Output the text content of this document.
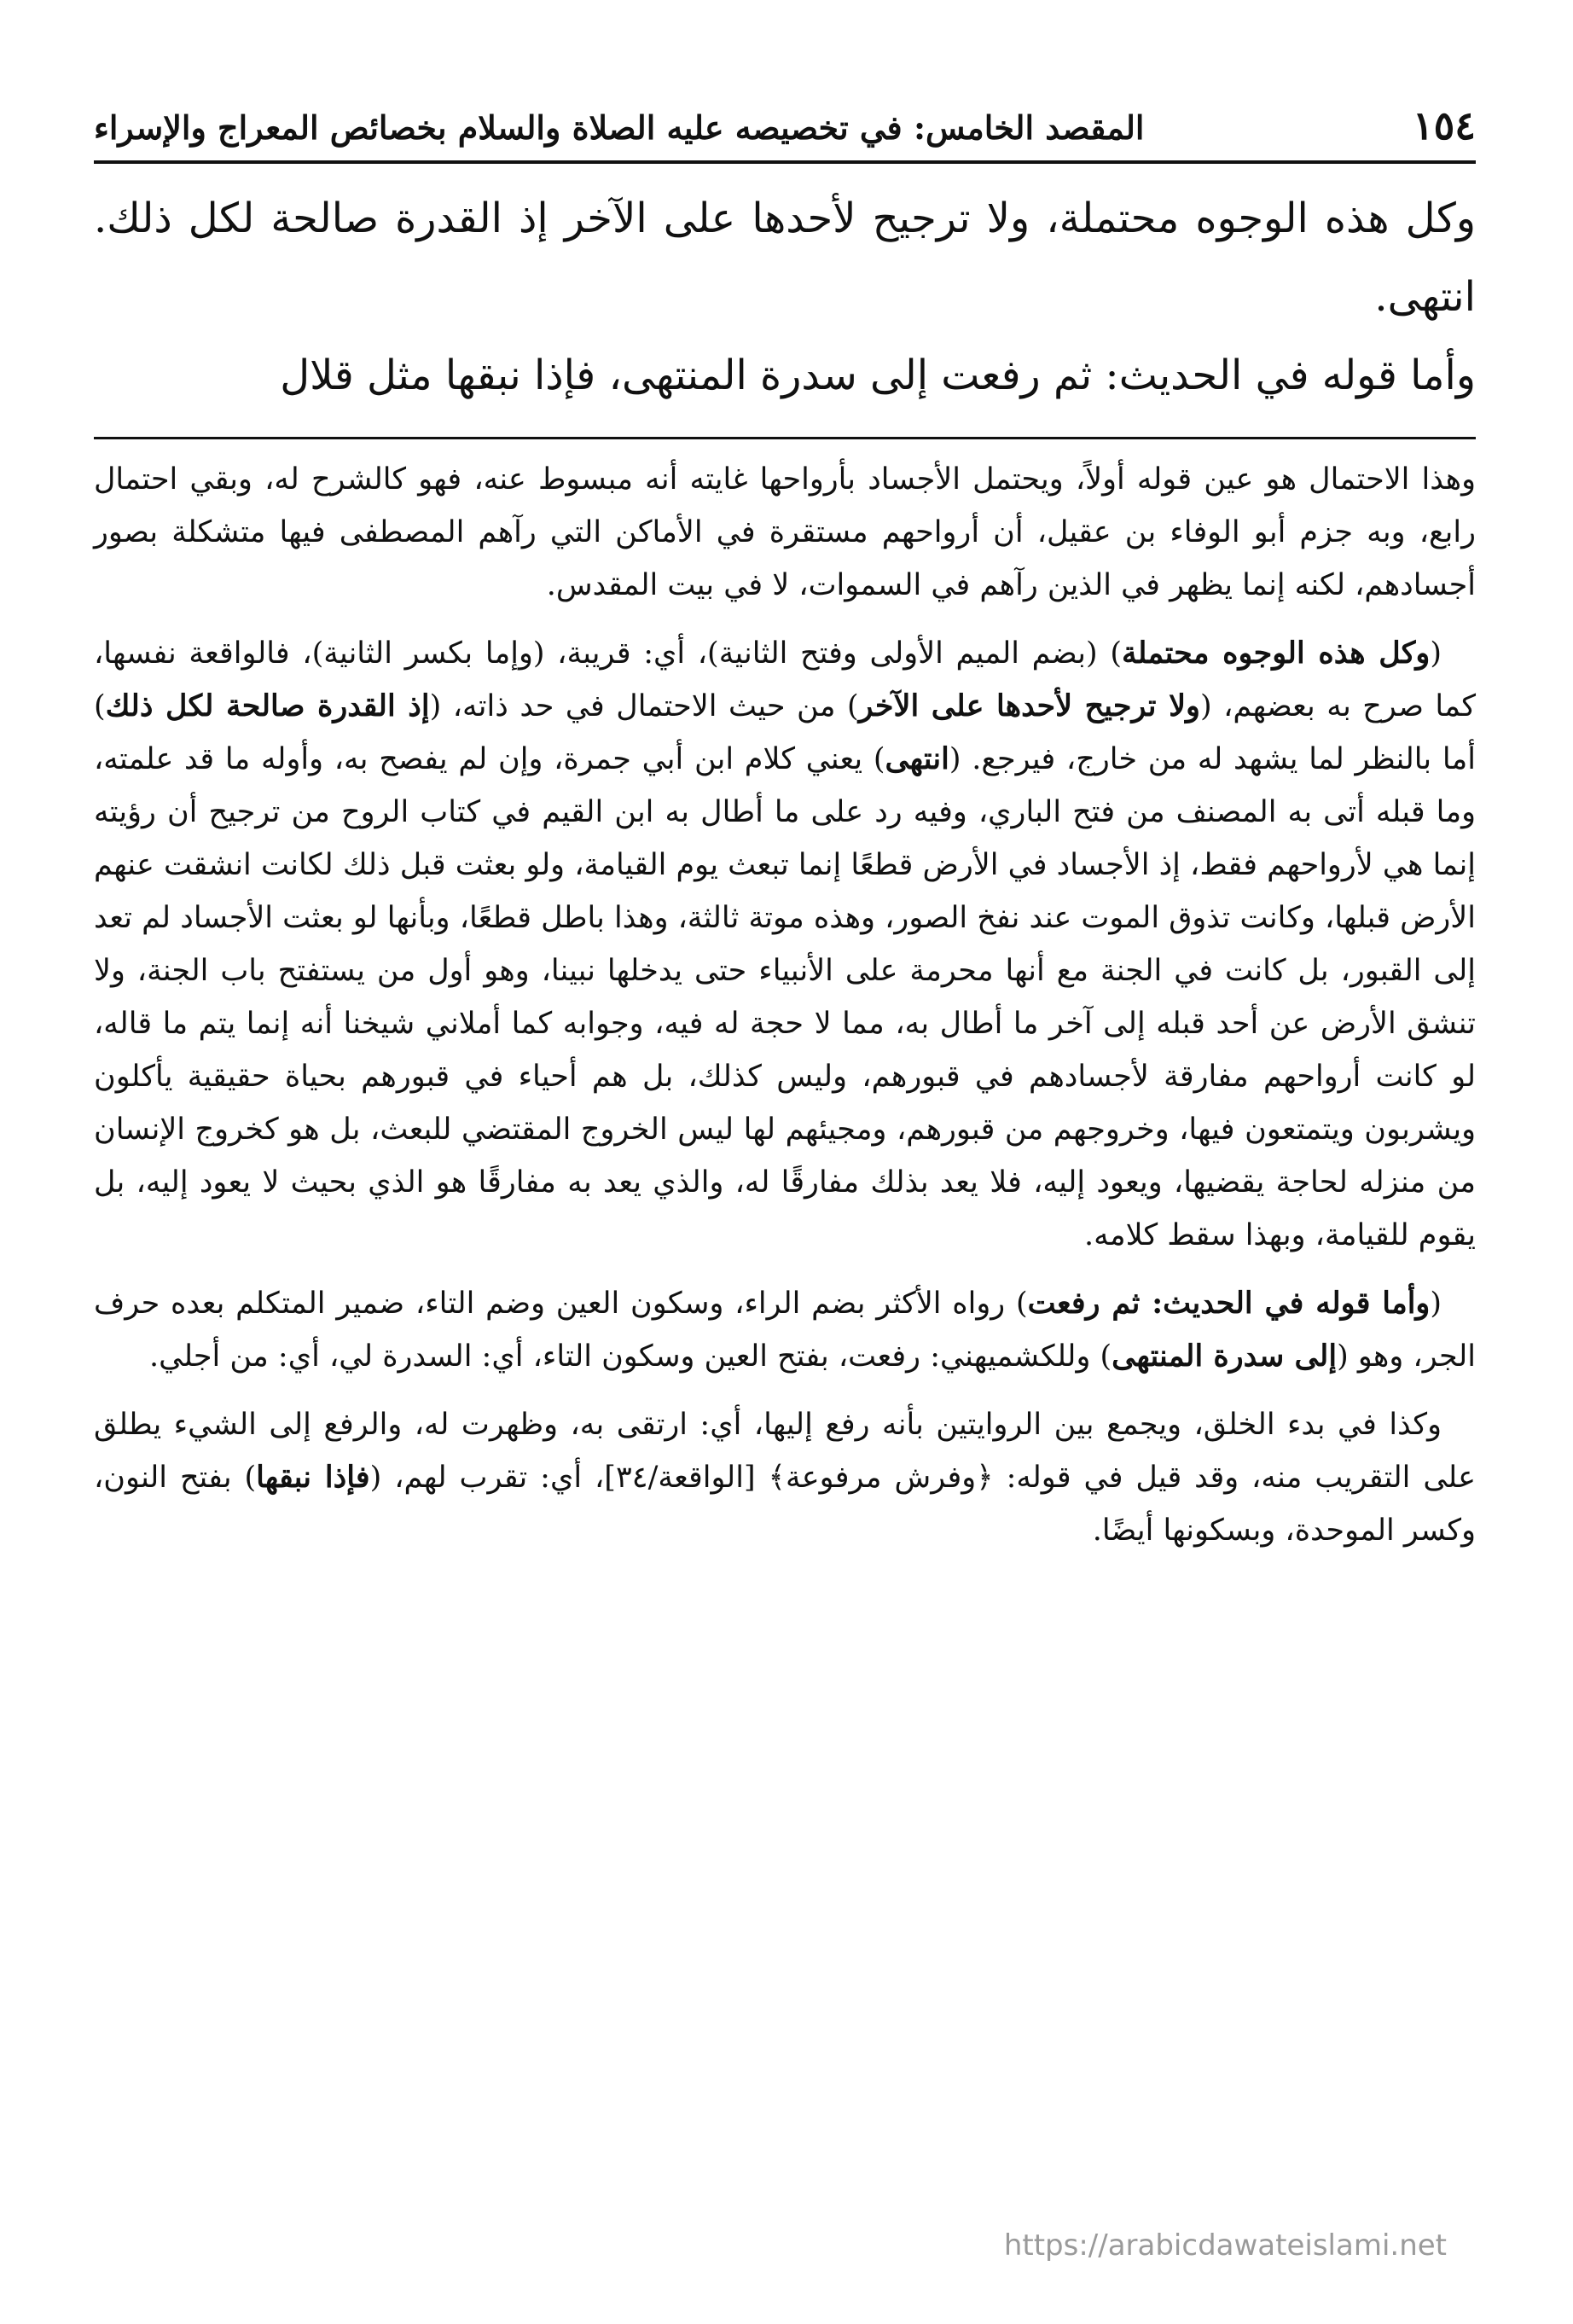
١٥٤
المقصد الخامس: في تخصيصه عليه الصلاة والسلام بخصائص المعراج والإسراء

وكل هذه الوجوه محتملة، ولا ترجيح لأحدها على الآخر إذ القدرة صالحة لكل ذلك. انتهى.

وأما قوله في الحديث: ثم رفعت إلى سدرة المنتهى، فإذا نبقها مثل قلال

وهذا الاحتمال هو عين قوله أولاً، ويحتمل الأجساد بأرواحها غايته أنه مبسوط عنه، فهو كالشرح له، وبقي احتمال رابع، وبه جزم أبو الوفاء بن عقيل، أن أرواحهم مستقرة في الأماكن التي رآهم المصطفى فيها متشكلة بصور أجسادهم، لكنه إنما يظهر في الذين رآهم في السموات، لا في بيت المقدس.

(وكل هذه الوجوه محتملة) (بضم الميم الأولى وفتح الثانية)، أي: قريبة، (وإما بكسر الثانية)، فالواقعة نفسها، كما صرح به بعضهم، (ولا ترجيح لأحدها على الآخر) من حيث الاحتمال في حد ذاته، (إذ القدرة صالحة لكل ذلك) أما بالنظر لما يشهد له من خارج، فيرجع. (انتهى) يعني كلام ابن أبي جمرة، وإن لم يفصح به، وأوله ما قد علمته، وما قبله أتى به المصنف من فتح الباري، وفيه رد على ما أطال به ابن القيم في كتاب الروح من ترجيح أن رؤيته إنما هي لأرواحهم فقط، إذ الأجساد في الأرض قطعًا إنما تبعث يوم القيامة، ولو بعثت قبل ذلك لكانت انشقت عنهم الأرض قبلها، وكانت تذوق الموت عند نفخ الصور، وهذه موتة ثالثة، وهذا باطل قطعًا، وبأنها لو بعثت الأجساد لم تعد إلى القبور، بل كانت في الجنة مع أنها محرمة على الأنبياء حتى يدخلها نبينا، وهو أول من يستفتح باب الجنة، ولا تنشق الأرض عن أحد قبله إلى آخر ما أطال به، مما لا حجة له فيه، وجوابه كما أملاني شيخنا أنه إنما يتم ما قاله، لو كانت أرواحهم مفارقة لأجسادهم في قبورهم، وليس كذلك، بل هم أحياء في قبورهم بحياة حقيقية يأكلون ويشربون ويتمتعون فيها، وخروجهم من قبورهم، ومجيئهم لها ليس الخروج المقتضي للبعث، بل هو كخروج الإنسان من منزله لحاجة يقضيها، ويعود إليه، فلا يعد بذلك مفارقًا له، والذي يعد به مفارقًا هو الذي بحيث لا يعود إليه، بل يقوم للقيامة، وبهذا سقط كلامه.

(وأما قوله في الحديث: ثم رفعت) رواه الأكثر بضم الراء، وسكون العين وضم التاء، ضمير المتكلم بعده حرف الجر، وهو (إلى سدرة المنتهى) وللكشميهني: رفعت، بفتح العين وسكون التاء، أي: السدرة لي، أي: من أجلي.

وكذا في بدء الخلق، ويجمع بين الروايتين بأنه رفع إليها، أي: ارتقى به، وظهرت له، والرفع إلى الشيء يطلق على التقريب منه، وقد قيل في قوله: ﴿وفرش مرفوعة﴾ [الواقعة/٣٤]، أي: تقرب لهم، (فإذا نبقها) بفتح النون، وكسر الموحدة، وبسكونها أيضًا.

https://arabicdawateislami.net
